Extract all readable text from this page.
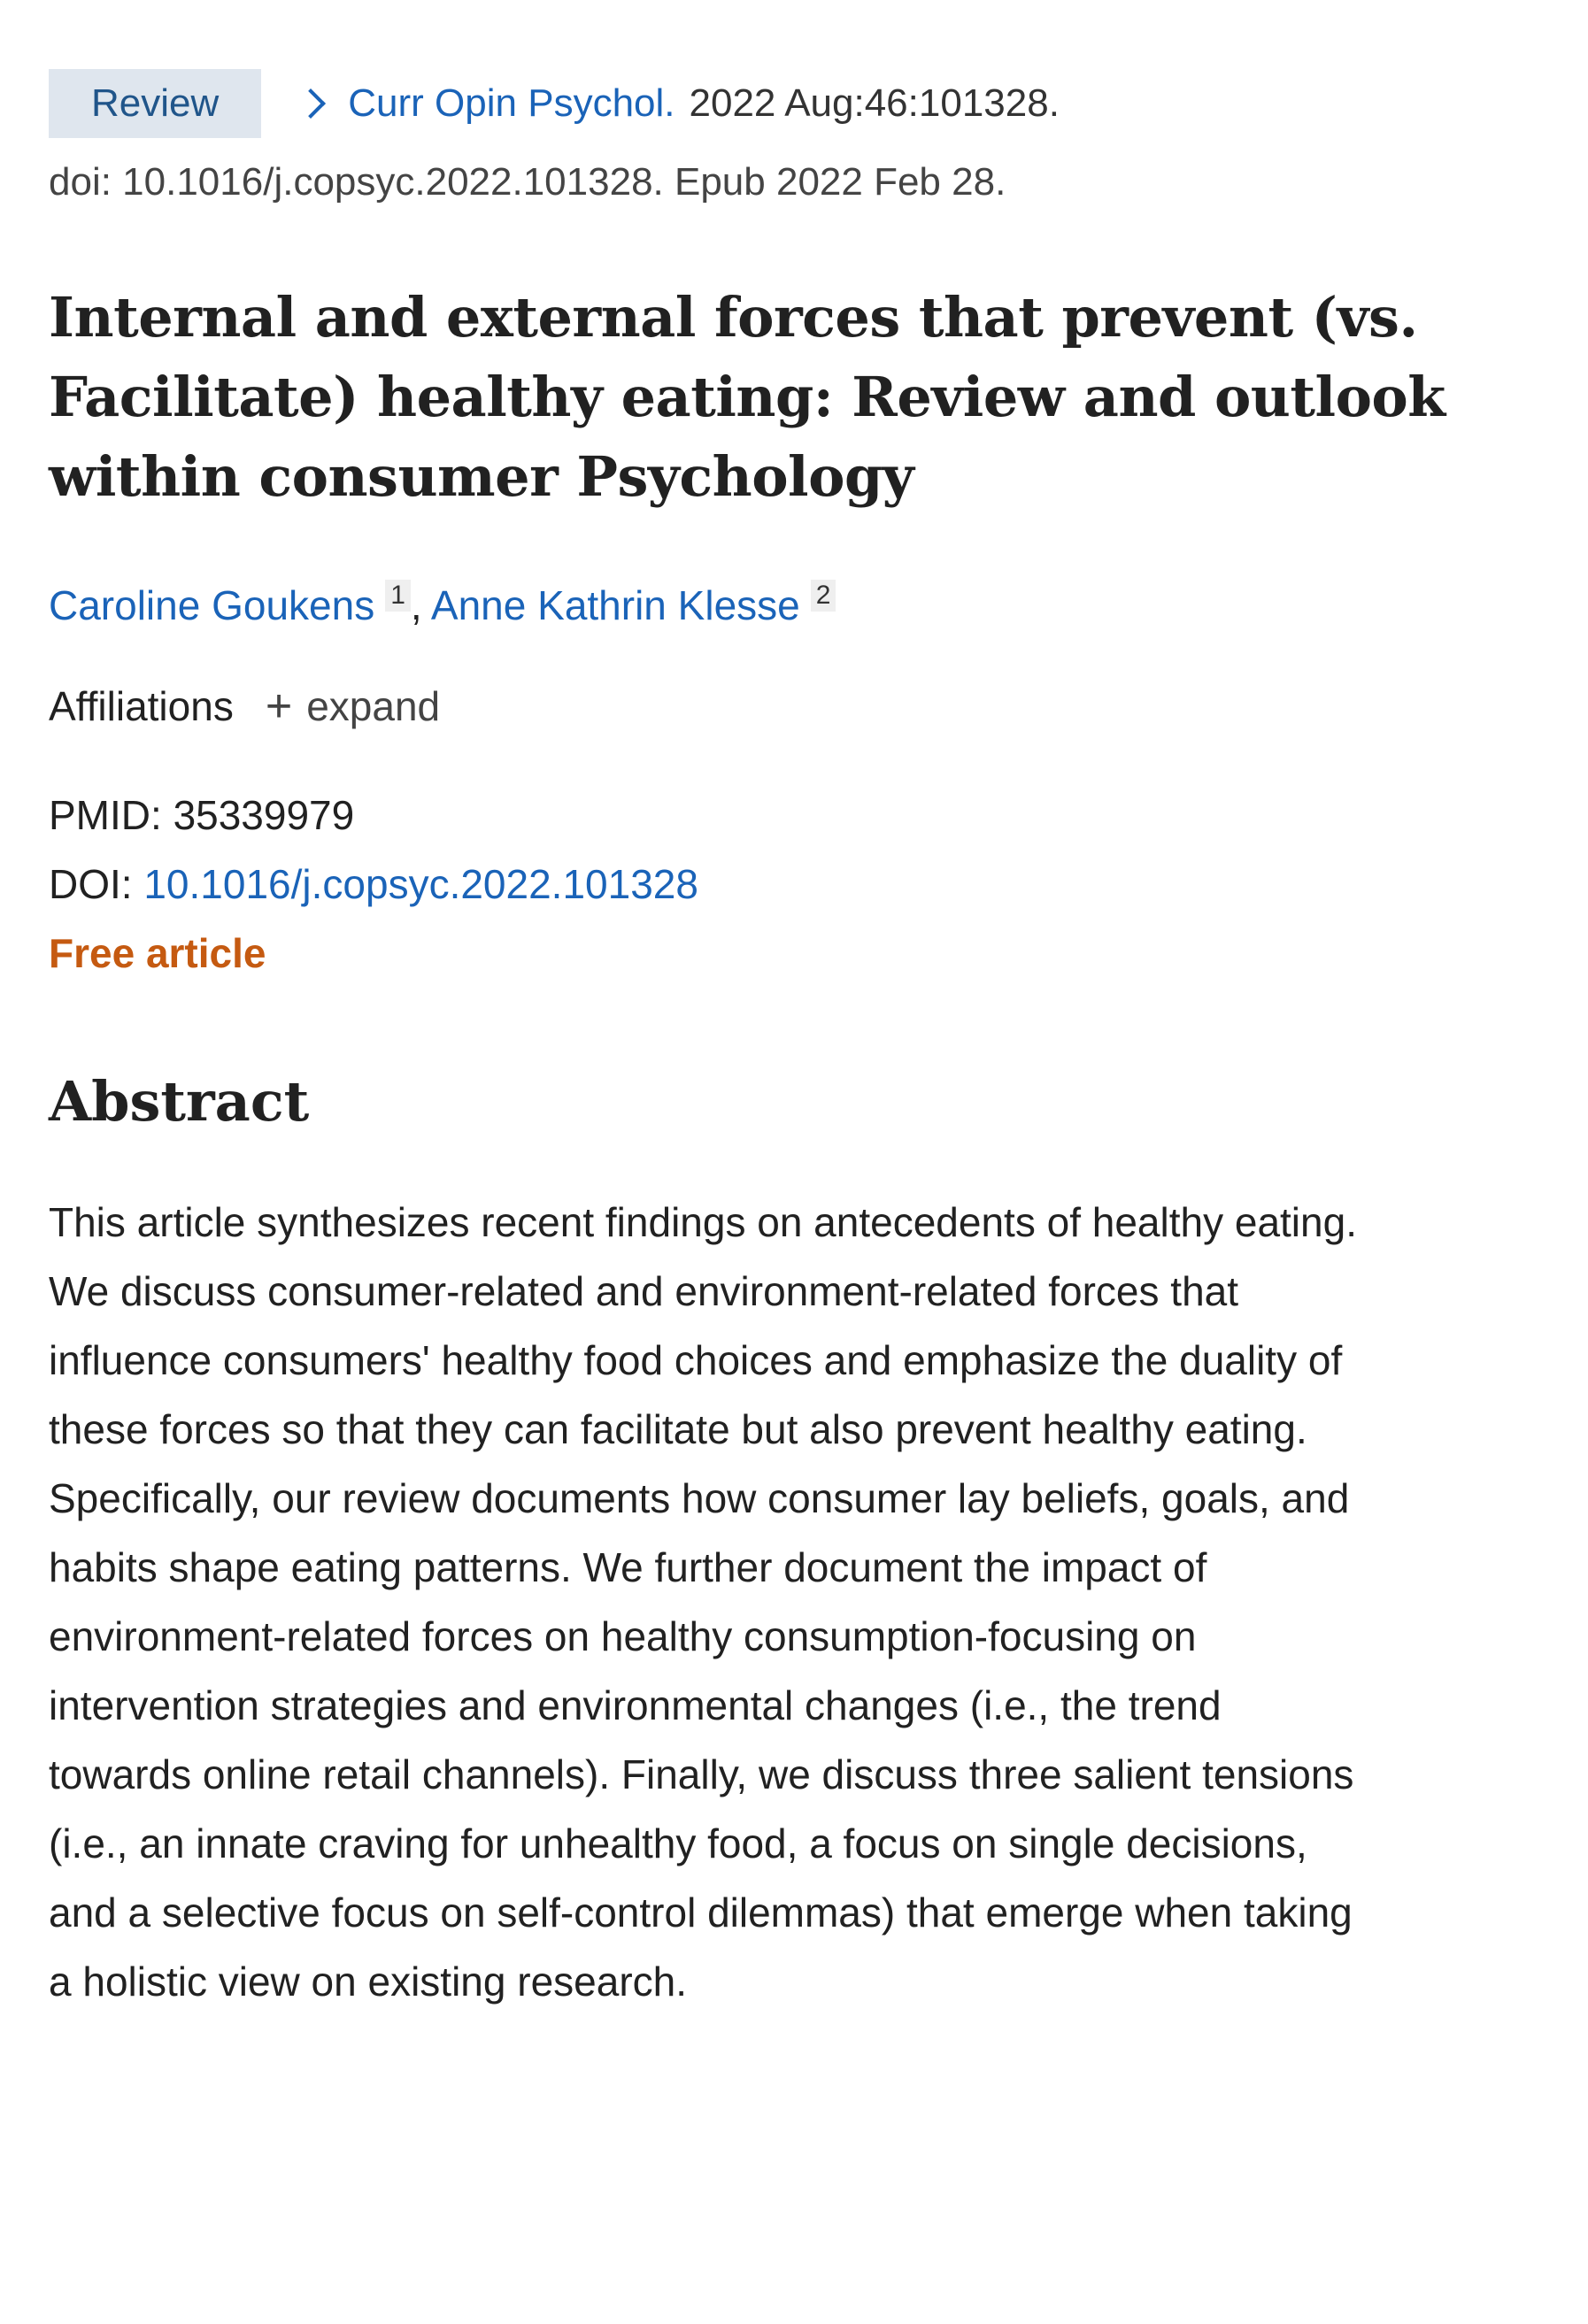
Review	Curr Opin Psychol. 2022 Aug:46:101328.
doi: 10.1016/j.copsyc.2022.101328. Epub 2022 Feb 28.
Internal and external forces that prevent (vs.
Facilitate) healthy eating: Review and outlook
within consumer Psychology
Caroline Goukens 1 , Anne Kathrin Klesse 2
Affiliations + expand
PMID: 35339979
DOI: 10.1016/j.copsyc.2022.101328
Free article
Abstract
This article synthesizes recent findings on antecedents of healthy eating.
We discuss consumer-related and environment-related forces that
influence consumers' healthy food choices and emphasize the duality of
these forces so that they can facilitate but also prevent healthy eating.
Specifically, our review documents how consumer lay beliefs, goals, and
habits shape eating patterns. We further document the impact of
environment-related forces on healthy consumption-focusing on
intervention strategies and environmental changes (i.e., the trend
towards online retail channels). Finally, we discuss three salient tensions
(i.e., an innate craving for unhealthy food, a focus on single decisions,
and a selective focus on self-control dilemmas) that emerge when taking
a holistic view on existing research.
